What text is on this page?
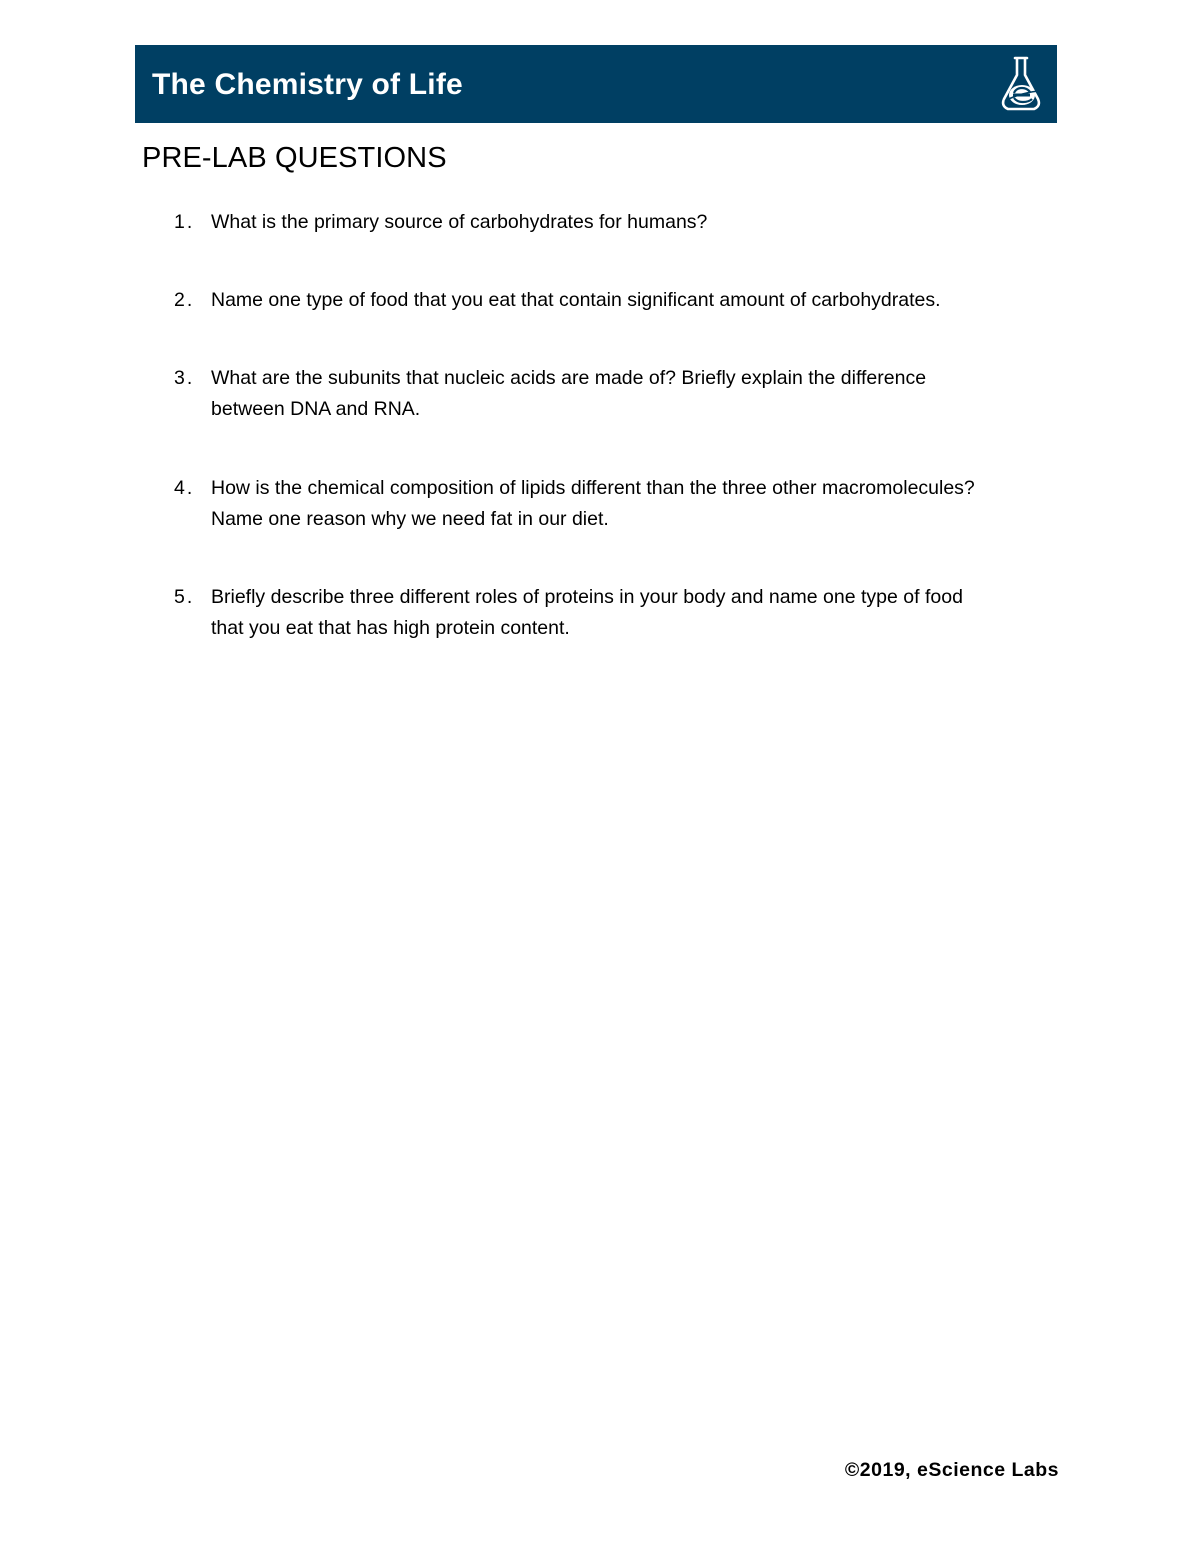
The Chemistry of Life
PRE-LAB QUESTIONS
1. What is the primary source of carbohydrates for humans?
2. Name one type of food that you eat that contain significant amount of carbohydrates.
3. What are the subunits that nucleic acids are made of? Briefly explain the difference
between DNA and RNA.
4. How is the chemical composition of lipids different than the three other macromolecules?
Name one reason why we need fat in our diet.
5. Briefly describe three different roles of proteins in your body and name one type of food
that you eat that has high protein content.
©2019, eScience Labs
